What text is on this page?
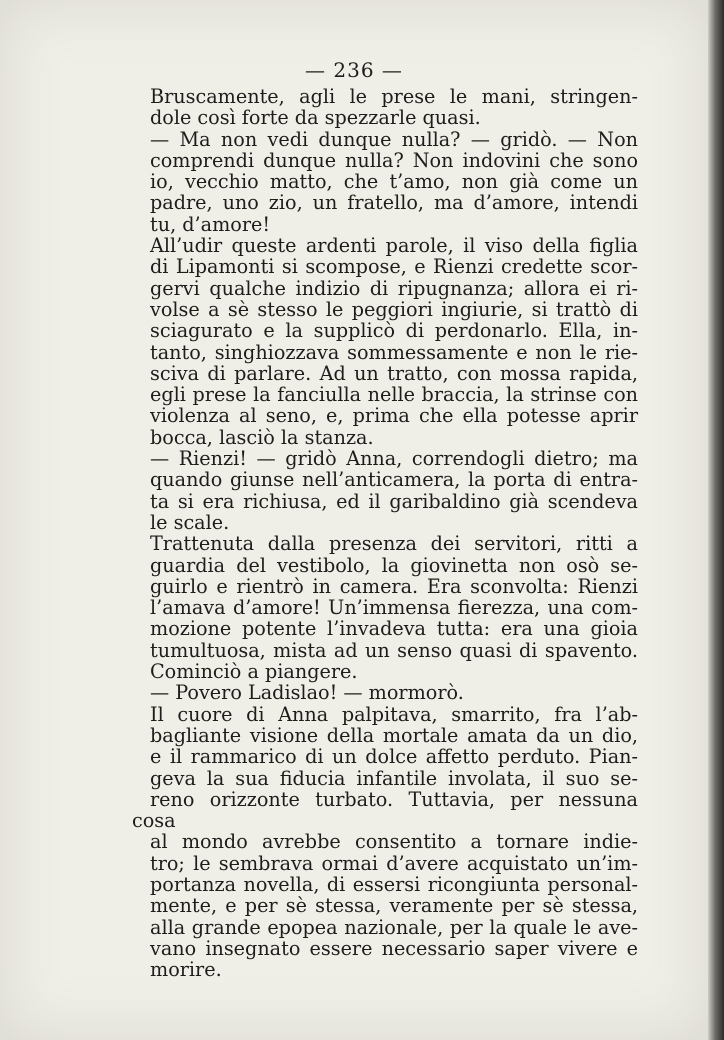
— 236 —

Bruscamente, agli le prese le mani, stringen-

dole così forte da spezzarle quasi.

— Ma non vedi dunque nulla? — gridò. — Non

comprendi dunque nulla? Non indovini che sono

io, vecchio matto, che t’amo, non già come un

padre, uno zio, un fratello, ma d’amore, intendi

tu, d’amore!

All’udir queste ardenti parole, il viso della figlia

di Lipamonti si scompose, e Rienzi credette scor-

gervi qualche indizio di ripugnanza; allora ei ri-

volse a sè stesso le peggiori ingiurie, si trattò di

sciagurato e la supplicò di perdonarlo. Ella, in-

tanto, singhiozzava sommessamente e non le rie-

sciva di parlare. Ad un tratto, con mossa rapida,

egli prese la fanciulla nelle braccia, la strinse con

violenza al seno, e, prima che ella potesse aprir

bocca, lasciò la stanza.

— Rienzi! — gridò Anna, correndogli dietro; ma

quando giunse nell’anticamera, la porta di entra-

ta si era richiusa, ed il garibaldino già scendeva

le scale.

Trattenuta dalla presenza dei servitori, ritti a

guardia del vestibolo, la giovinetta non osò se-

guirlo e rientrò in camera. Era sconvolta: Rienzi

l’amava d’amore! Un’immensa fierezza, una com-

mozione potente l’invadeva tutta: era una gioia

tumultuosa, mista ad un senso quasi di spavento.

Cominciò a piangere.

— Povero Ladislao! — mormorò.

Il cuore di Anna palpitava, smarrito, fra l’ab-

bagliante visione della mortale amata da un dio,

e il rammarico di un dolce affetto perduto. Pian-

geva la sua fiducia infantile involata, il suo se-

reno orizzonte turbato. Tuttavia, per nessuna cosa

al mondo avrebbe consentito a tornare indie-

tro; le sembrava ormai d’avere acquistato un’im-

portanza novella, di essersi ricongiunta personal-

mente, e per sè stessa, veramente per sè stessa,

alla grande epopea nazionale, per la quale le ave-

vano insegnato essere necessario saper vivere e

morire.
